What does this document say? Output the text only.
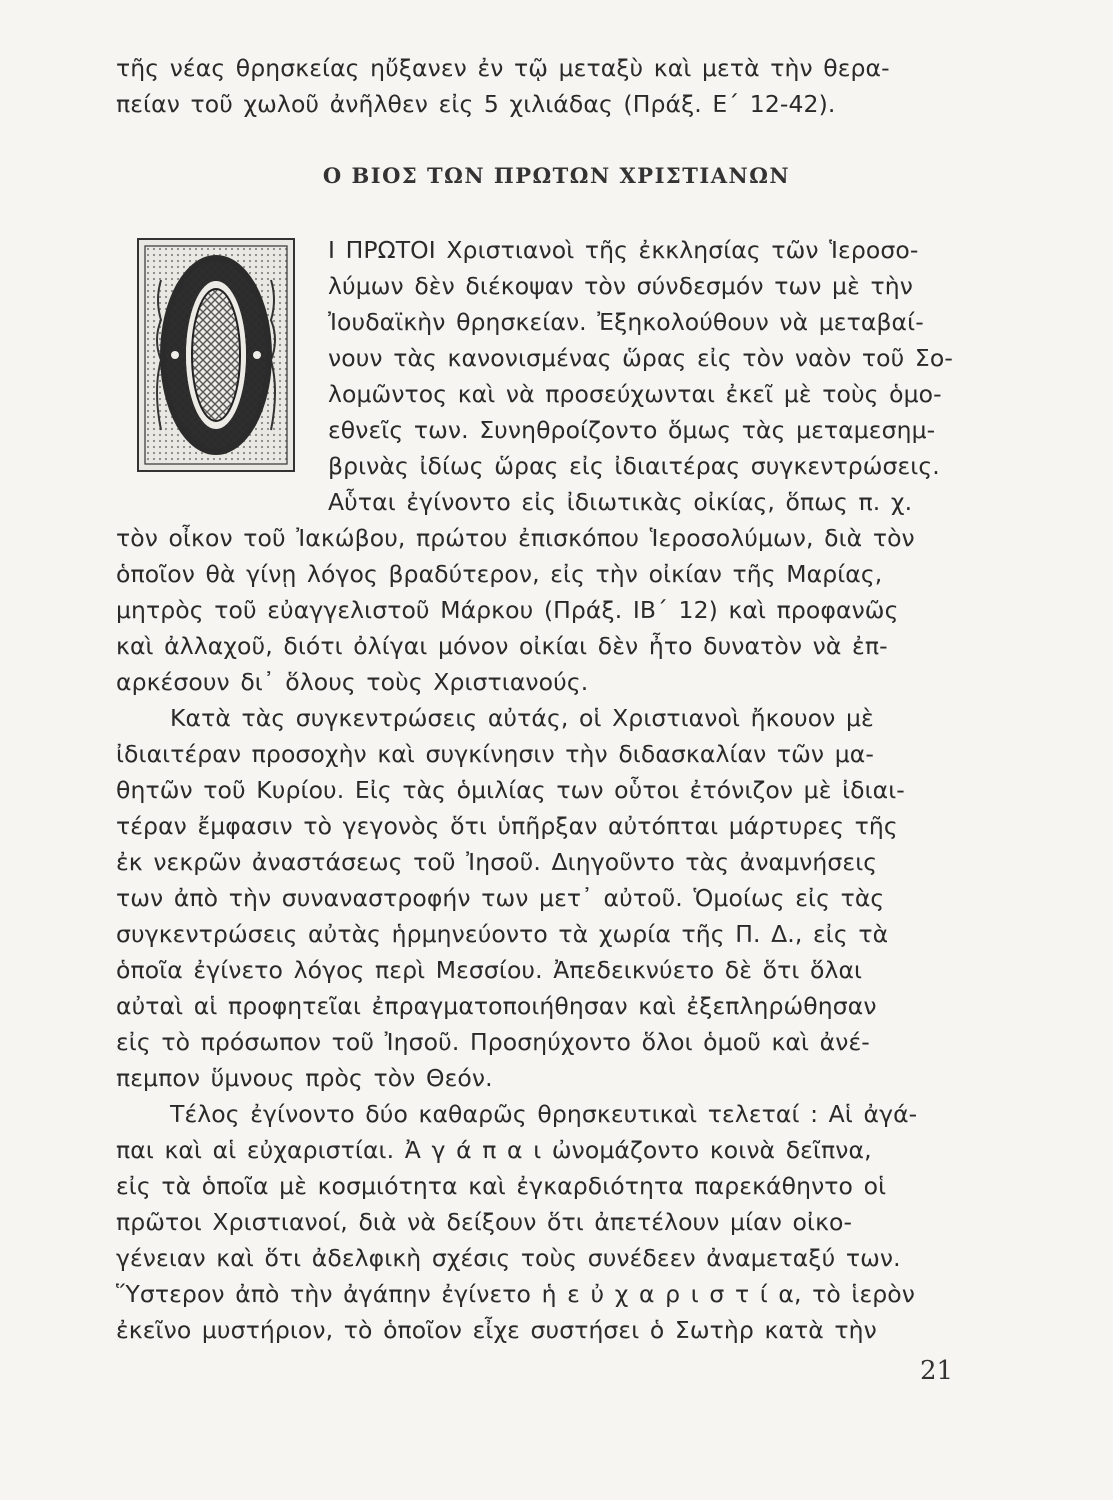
τῆς νέας θρησκείας ηὔξανεν ἐν τῷ μεταξὺ καὶ μετὰ τὴν θερα-
πείαν τοῦ χωλοῦ ἀνῆλθεν εἰς 5 χιλιάδας (Πράξ. Ε΄ 12-42).
Ο ΒΙΟΣ ΤΩΝ ΠΡΩΤΩΝ ΧΡΙΣΤΙΑΝΩΝ
Ι ΠΡΩΤΟΙ Χριστιανοὶ τῆς ἐκκλησίας τῶν Ἱεροσο-
λύμων δὲν διέκοψαν τὸν σύνδεσμόν των μὲ τὴν
Ἰουδαϊκὴν θρησκείαν. Ἐξηκολούθουν νὰ μεταβαί-
νουν τὰς κανονισμένας ὥρας εἰς τὸν ναὸν τοῦ Σο-
λομῶντος καὶ νὰ προσεύχωνται ἐκεῖ μὲ τοὺς ὁμο-
εθνεῖς των. Συνηθροίζοντο ὅμως τὰς μεταμεσημ-
βρινὰς ἰδίως ὥρας εἰς ἰδιαιτέρας συγκεντρώσεις.
Αὗται ἐγίνοντο εἰς ἰδιωτικὰς οἰκίας, ὅπως π. χ.
τὸν οἶκον τοῦ Ἰακώβου, πρώτου ἐπισκόπου Ἱεροσολύμων, διὰ τὸν
ὁποῖον θὰ γίνῃ λόγος βραδύτερον, εἰς τὴν οἰκίαν τῆς Μαρίας,
μητρὸς τοῦ εὐαγγελιστοῦ Μάρκου (Πράξ. ΙΒ΄ 12) καὶ προφανῶς
καὶ ἀλλαχοῦ, διότι ὀλίγαι μόνον οἰκίαι δὲν ἦτο δυνατὸν νὰ ἐπ-
αρκέσουν δι᾿ ὅλους τοὺς Χριστιανούς.
Κατὰ τὰς συγκεντρώσεις αὐτάς, οἱ Χριστιανοὶ ἤκουον μὲ
ἰδιαιτέραν προσοχὴν καὶ συγκίνησιν τὴν διδασκαλίαν τῶν μα-
θητῶν τοῦ Κυρίου. Εἰς τὰς ὁμιλίας των οὗτοι ἐτόνιζον μὲ ἰδιαι-
τέραν ἔμφασιν τὸ γεγονὸς ὅτι ὑπῆρξαν αὐτόπται μάρτυρες τῆς
ἐκ νεκρῶν ἀναστάσεως τοῦ Ἰησοῦ. Διηγοῦντο τὰς ἀναμνήσεις
των ἀπὸ τὴν συναναστροφήν των μετ᾿ αὐτοῦ. Ὁμοίως εἰς τὰς
συγκεντρώσεις αὐτὰς ἡρμηνεύοντο τὰ χωρία τῆς Π. Δ., εἰς τὰ
ὁποῖα ἐγίνετο λόγος περὶ Μεσσίου. Ἀπεδεικνύετο δὲ ὅτι ὅλαι
αὐταὶ αἱ προφητεῖαι ἐπραγματοποιήθησαν καὶ ἐξεπληρώθησαν
εἰς τὸ πρόσωπον τοῦ Ἰησοῦ. Προσηύχοντο ὅλοι ὁμοῦ καὶ ἀνέ-
πεμπον ὕμνους πρὸς τὸν Θεόν.
Τέλος ἐγίνοντο δύο καθαρῶς θρησκευτικαὶ τελεταί : Αἱ ἀγά-
παι καὶ αἱ εὐχαριστίαι. Ἀ γ ά π α ι ὠνομάζοντο κοινὰ δεῖπνα,
εἰς τὰ ὁποῖα μὲ κοσμιότητα καὶ ἐγκαρδιότητα παρεκάθηντο οἱ
πρῶτοι Χριστιανοί, διὰ νὰ δείξουν ὅτι ἀπετέλουν μίαν οἰκο-
γένειαν καὶ ὅτι ἀδελφικὴ σχέσις τοὺς συνέδεεν ἀναμεταξύ των.
Ὕστερον ἀπὸ τὴν ἀγάπην ἐγίνετο ἡ ε ὐ χ α ρ ι σ τ ί α, τὸ ἱερὸν
ἐκεῖνο μυστήριον, τὸ ὁποῖον εἶχε συστήσει ὁ Σωτὴρ κατὰ τὴν
21
